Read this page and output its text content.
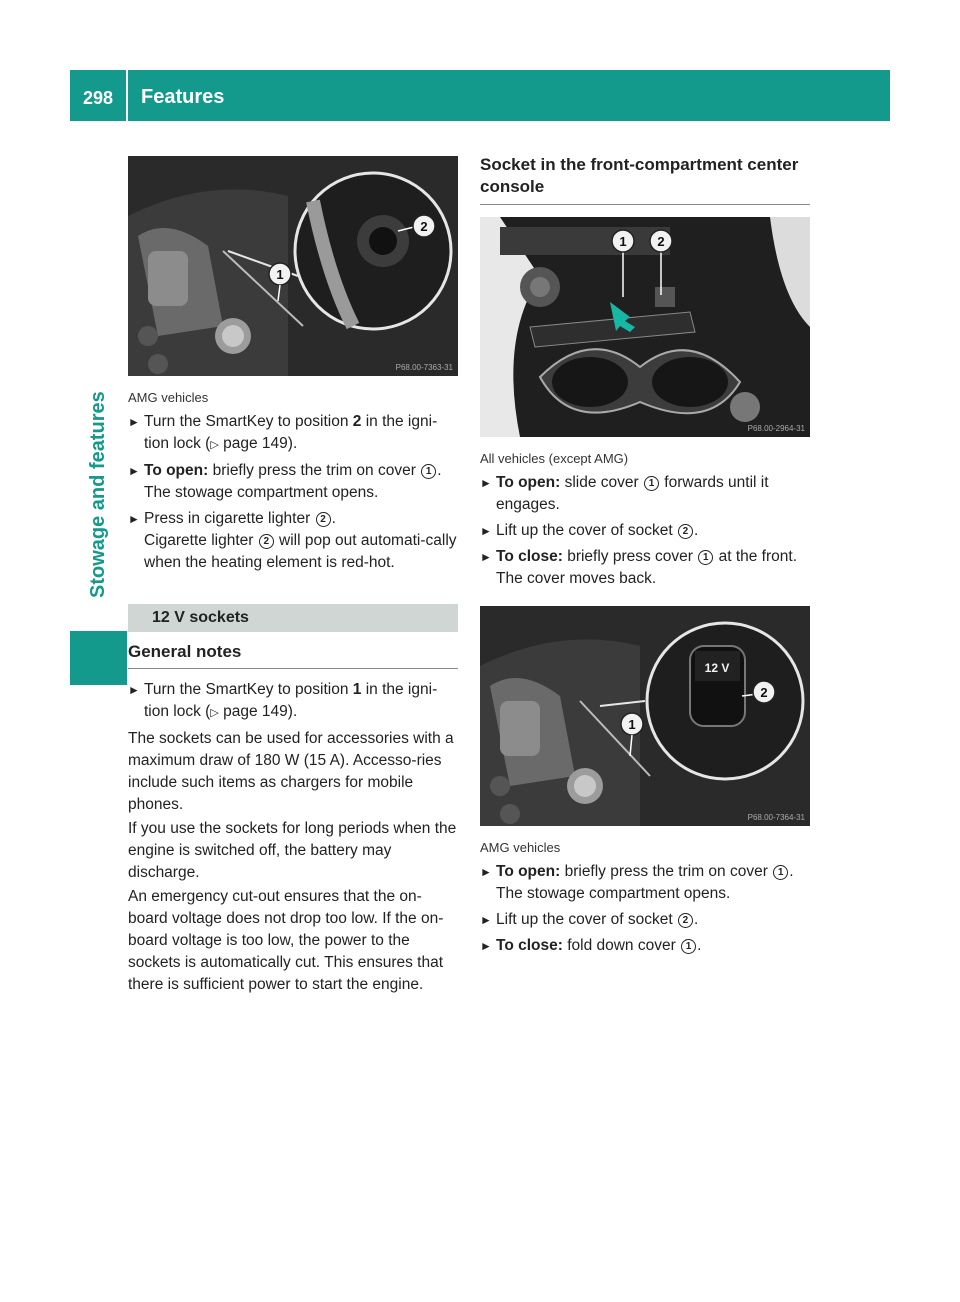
298	Features
Stowage and features
2
1
P68.00-7363-31
AMG vehicles
► Turn the SmartKey to position 2 in the igni-tion lock (▷ page 149).
► To open: briefly press the trim on cover 1 .
The stowage compartment opens.
► Press in cigarette lighter 2 .
Cigarette lighter 2 will pop out automati-cally when the heating element is red-hot.
12 V sockets
General notes
► Turn the SmartKey to position 1 in the igni-tion lock (▷ page 149).
The sockets can be used for accessories with a maximum draw of 180 W (15 A). Accesso-ries include such items as chargers for mobile phones.
If you use the sockets for long periods when the engine is switched off, the battery may discharge.
An emergency cut-out ensures that the on-board voltage does not drop too low. If the on-board voltage is too low, the power to the sockets is automatically cut. This ensures that there is sufficient power to start the engine.
Socket in the front-compartment center console
1 2
P68.00-2964-31
All vehicles (except AMG)
► To open: slide cover 1 forwards until it engages.
► Lift up the cover of socket 2 .
► To close: briefly press cover 1 at the front.
The cover moves back.
12 V
2
1
P68.00-7364-31
AMG vehicles
► To open: briefly press the trim on cover 1 .
The stowage compartment opens.
► Lift up the cover of socket 2 .
► To close: fold down cover 1 .
